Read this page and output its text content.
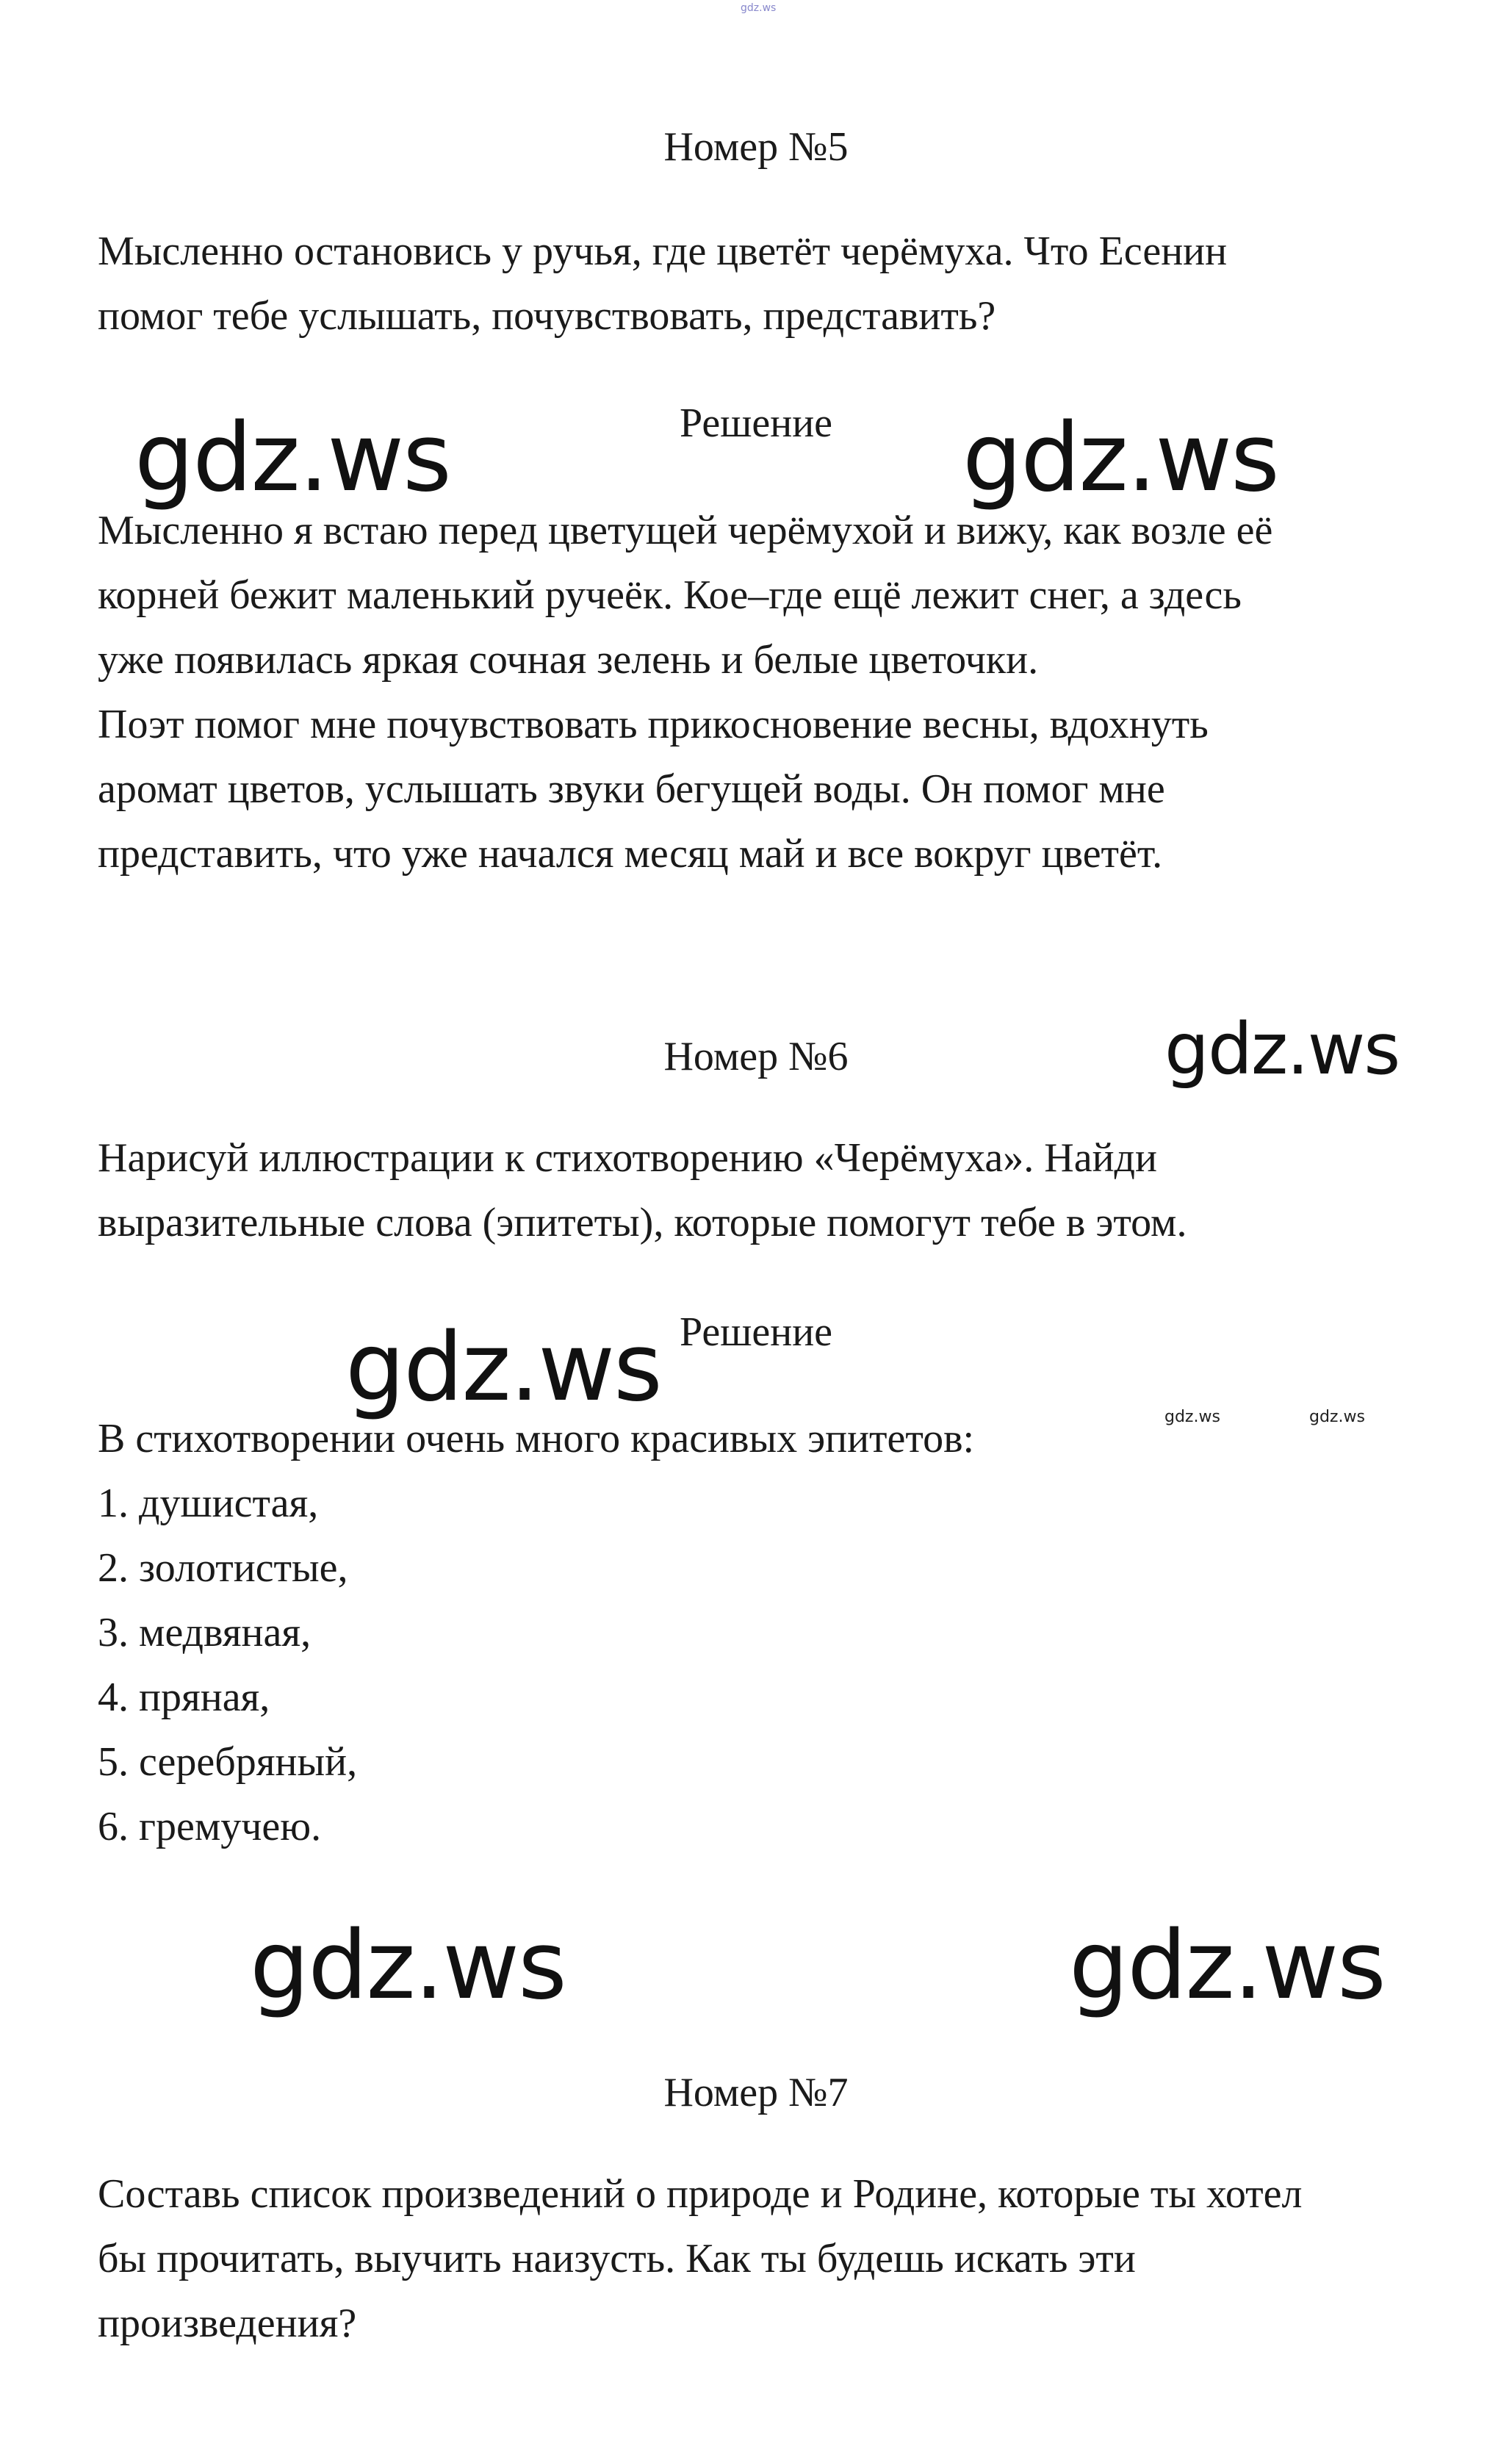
gdz.ws
Номер №5

Мысленно остановись у ручья, где цветёт черёмуха. Что Есенин
помог тебе услышать, почувствовать, представить?

Решение

Мысленно я встаю перед цветущей черёмухой и вижу, как возле её
корней бежит маленький ручеёк. Кое–где ещё лежит снег, а здесь
уже появилась яркая сочная зелень и белые цветочки.
Поэт помог мне почувствовать прикосновение весны, вдохнуть
аромат цветов, услышать звуки бегущей воды. Он помог мне
представить, что уже начался месяц май и все вокруг цветёт.

gdz.ws	gdz.ws
Номер №6	gdz.ws

Нарисуй иллюстрации к стихотворению «Черёмуха». Найди
выразительные слова (эпитеты), которые помогут тебе в этом.

Решение
gdz.ws

В стихотворении очень много красивых эпитетов:	gdz.ws	gdz.ws
1. душистая,
2. золотистые,
3. медвяная,
4. пряная,
5. серебряный,
6. гремучею.
gdz.ws	gdz.ws
Номер №7

Составь список произведений о природе и Родине, которые ты хотел
бы прочитать, выучить наизусть. Как ты будешь искать эти
произведения?
